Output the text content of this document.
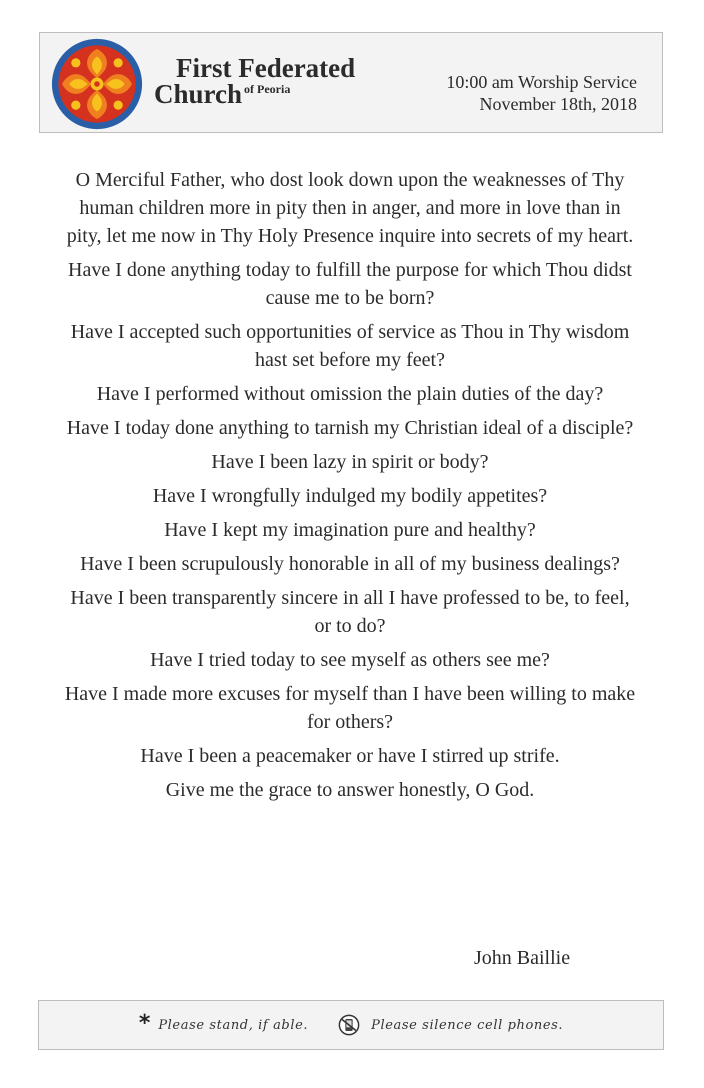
First Federated
Church $^{of Peoria}$	10:00 am Worship Service
November 18th, 2018

O Merciful Father, who dost look down upon the weaknesses of Thy human children more in pity then in anger, and more in love than in pity, let me now in Thy Holy Presence inquire into secrets of my heart.

Have I done anything today to fulfill the purpose for which Thou didst cause me to be born?

Have I accepted such opportunities of service as Thou in Thy wisdom hast set before my feet?

Have I performed without omission the plain duties of the day?

Have I today done anything to tarnish my Christian ideal of a disciple?

Have I been lazy in spirit or body?

Have I wrongfully indulged my bodily appetites?

Have I kept my imagination pure and healthy?

Have I been scrupulously honorable in all of my business dealings?

Have I been transparently sincere in all I have professed to be, to feel, or to do?

Have I tried today to see myself as others see me?

Have I made more excuses for myself than I have been willing to make for others?

Have I been a peacemaker or have I stirred up strife.

Give me the grace to answer honestly, O God.

John Baillie
* Please stand, if able.	Please silence cell phones.
